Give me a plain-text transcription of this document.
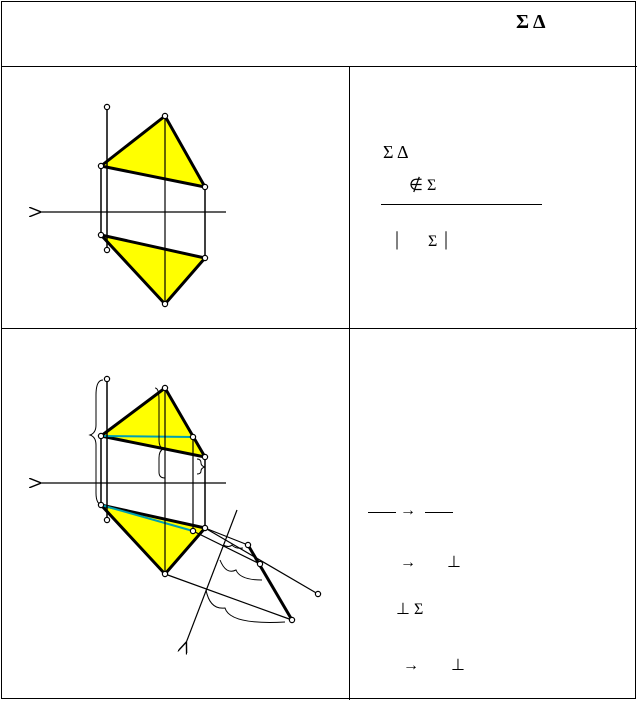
Σ Δ
Σ Δ
∉ Σ
| Σ |
→
→ ⊥
⊥ Σ
→ ⊥
